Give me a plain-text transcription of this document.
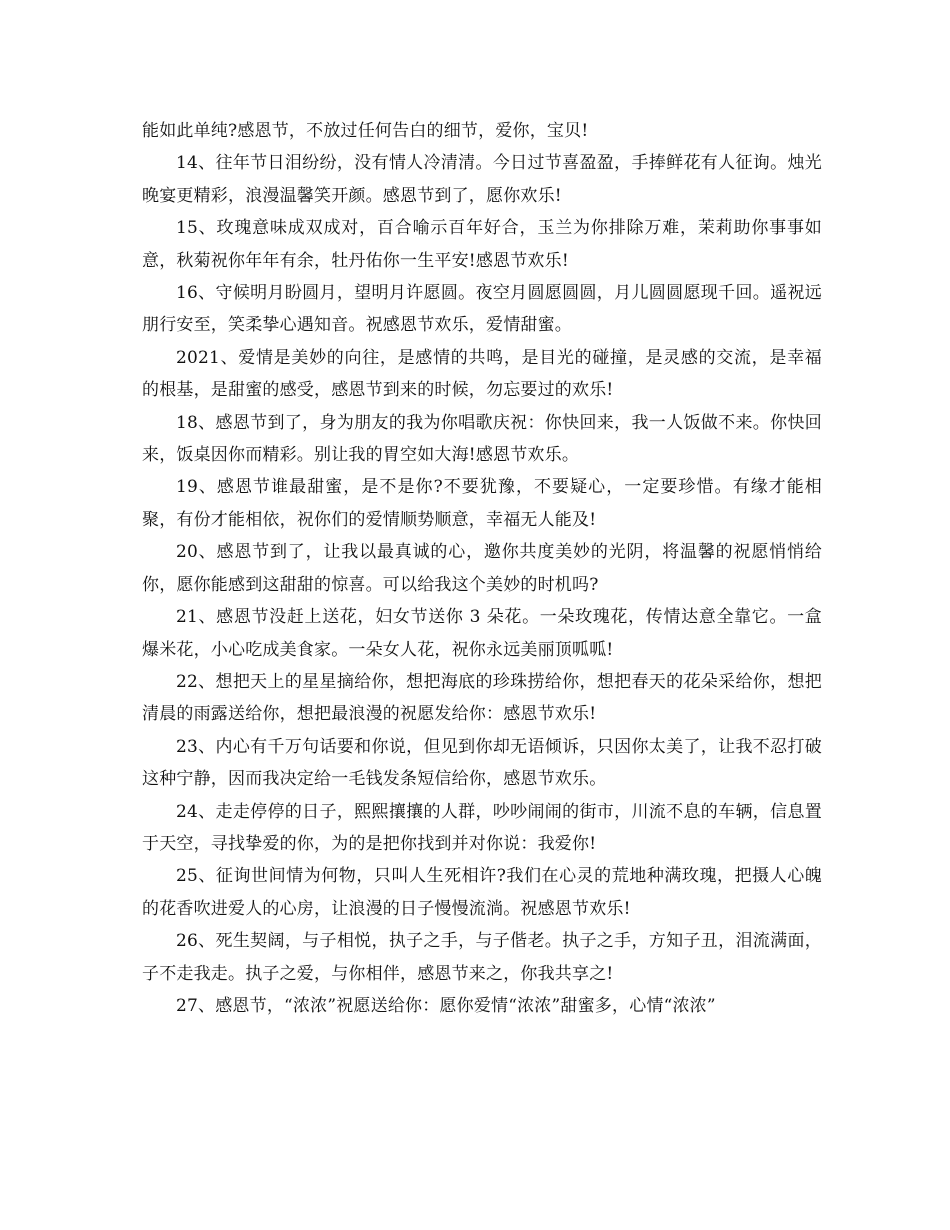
能如此单纯?感恩节，不放过任何告白的细节，爱你，宝贝!

14、往年节日泪纷纷，没有情人冷清清。今日过节喜盈盈，手捧鲜花有人征询。烛光晚宴更精彩，浪漫温馨笑开颜。感恩节到了，愿你欢乐!

15、玫瑰意味成双成对，百合喻示百年好合，玉兰为你排除万难，茉莉助你事事如意，秋菊祝你年年有余，牡丹佑你一生平安!感恩节欢乐!

16、守候明月盼圆月，望明月许愿圆。夜空月圆愿圆圆，月儿圆圆愿现千回。遥祝远朋行安至，笑柔挚心遇知音。祝感恩节欢乐，爱情甜蜜。

2021、爱情是美妙的向往，是感情的共鸣，是目光的碰撞，是灵感的交流，是幸福的根基，是甜蜜的感受，感恩节到来的时候，勿忘要过的欢乐!

18、感恩节到了，身为朋友的我为你唱歌庆祝：你快回来，我一人饭做不来。你快回来，饭桌因你而精彩。别让我的胃空如大海!感恩节欢乐。

19、感恩节谁最甜蜜，是不是你?不要犹豫，不要疑心，一定要珍惜。有缘才能相聚，有份才能相依，祝你们的爱情顺势顺意，幸福无人能及!

20、感恩节到了，让我以最真诚的心，邀你共度美妙的光阴，将温馨的祝愿悄悄给你，愿你能感到这甜甜的惊喜。可以给我这个美妙的时机吗?

21、感恩节没赶上送花，妇女节送你 3 朵花。一朵玫瑰花，传情达意全靠它。一盒爆米花，小心吃成美食家。一朵女人花，祝你永远美丽顶呱呱!

22、想把天上的星星摘给你，想把海底的珍珠捞给你，想把春天的花朵采给你，想把清晨的雨露送给你，想把最浪漫的祝愿发给你：感恩节欢乐!

23、内心有千万句话要和你说，但见到你却无语倾诉，只因你太美了，让我不忍打破这种宁静，因而我决定给一毛钱发条短信给你，感恩节欢乐。

24、走走停停的日子，熙熙攘攘的人群，吵吵闹闹的街市，川流不息的车辆，信息置于天空，寻找挚爱的你，为的是把你找到并对你说：我爱你!

25、征询世间情为何物，只叫人生死相许?我们在心灵的荒地种满玫瑰，把摄人心魄的花香吹进爱人的心房，让浪漫的日子慢慢流淌。祝感恩节欢乐!

26、死生契阔，与子相悦，执子之手，与子偕老。执子之手，方知子丑，泪流满面，子不走我走。执子之爱，与你相伴，感恩节来之，你我共享之!

27、感恩节，“浓浓”祝愿送给你：愿你爱情“浓浓”甜蜜多，心情“浓浓”
